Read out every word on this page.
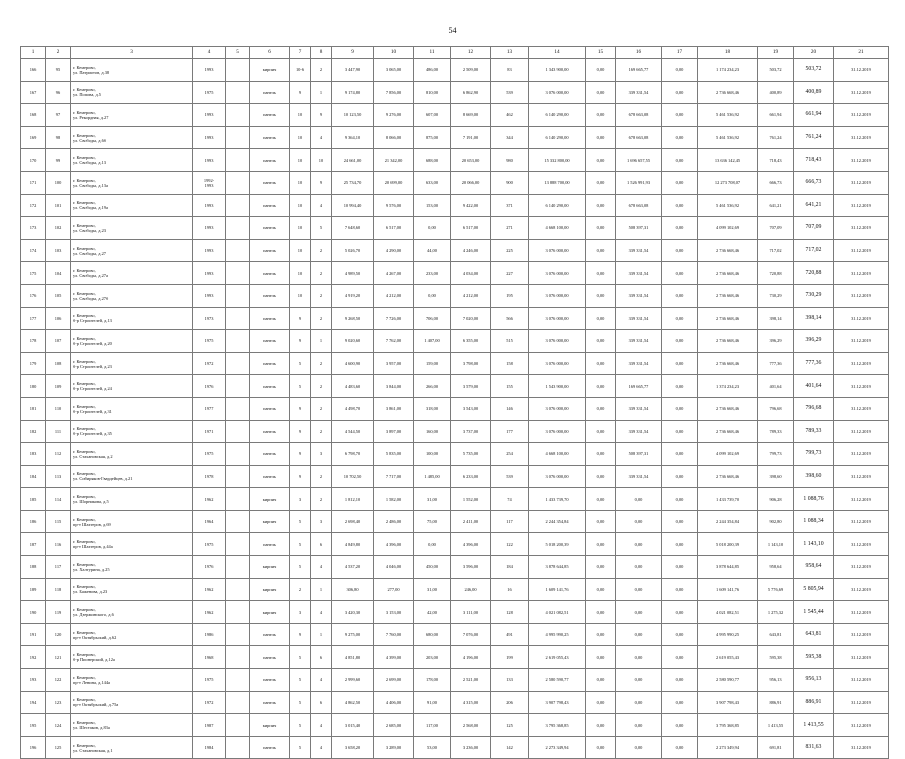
54
1	2	3	4	5	6	7	8	9	10	11	12	13	14	15	16	17	18	19	20	21
166	95	г. Кемерово,
ул. Патриотов, д.38	1993		кирпич	10-6	2	3 447,90	3 065,00	486,00	2 509,00	83	1 343 900,00	0,00	169 665,77	0,00	1 174 234,23	503,72	503,72	31.12.2019
167	96	г. Кемерово,
ул. Попова, д.5	1975		панель	9	1	9 174,80	7 856,00	810,00	6 862,90	539	3 076 000,00	0,00	339 331,54	0,00	2 736 668,46	400,89	400,89	31.12.2019
168	97	г. Кемерово,
ул. Рекордная, д.27	1993		панель	10	9	10 123,50	9 276,00	607,00	8 669,00	462	6 140 290,00	0,00	678 663,08	0,00	5 461 536,92	661,94	661,94	31.12.2019
169	98	г. Кемерово,
ул. Свободы, д.6б	1993		панель	10	4	9 364,10	8 066,00	875,00	7 191,00	344	6 140 290,00	0,00	678 663,08	0,00	5 461 536,92	761,24	761,24	31.12.2019
170	99	г. Кемерово,
ул. Свободы, д.13	1993		панель	10	10	24 661,00	21 342,00	688,00	20 653,00	980	15 332 800,00	0,00	1 696 657,55	0,00	13 636 142,45	718,43	718,43	31.12.2019
171	100	г. Кемерово,
ул. Свободы, д.13а	1992-
1993		панель	10	9	25 734,70	20 699,00	633,00	20 066,00	900	13 888 700,00	0,00	1 526 991,93	0,00	12 273 708,07	666,73	666,73	31.12.2019
172	101	г. Кемерово,
ул. Свободы, д.19а	1993		панель	10	4	10 994,40	9 576,00	153,00	9 422,00	371	6 140 290,00	0,00	678 663,08	0,00	5 461 536,92	641,21	641,21	31.12.2019
173	102	г. Кемерово,
ул. Свободы, д.23	1993		панель	10	5	7 648,60	6 517,00	0,00	6 517,00	271	4 668 100,00	0,00	508 397,31	0,00	4 099 102,69	707,09	707,09	31.12.2019
174	103	г. Кемерово,
ул. Свободы, д.27	1993		панель	10	2	5 026,70	4 290,00	44,00	4 246,00	225	3 076 000,00	0,00	339 331,54	0,00	2 736 668,46	717,02	717,02	31.12.2019
175	104	г. Кемерово,
ул. Свободы, д.27а	1993		панель	10	2	4 989,50	4 267,00	233,00	4 034,00	227	3 076 000,00	0,00	339 331,54	0,00	2 736 668,46	720,88	720,88	31.12.2019
176	105	г. Кемерово,
ул. Свободы, д.27б	1993		панель	10	2	4 919,20	4 212,00	0,00	4 212,00	195	3 076 000,00	0,00	339 331,54	0,00	2 736 668,46	730,29	730,29	31.12.2019
177	106	г. Кемерово,
б-р Строителей, д.13	1973		панель	9	2	9 268,50	7 726,00	706,00	7 020,00	566	3 076 000,00	0,00	339 331,54	0,00	2 736 668,46	398,14	398,14	31.12.2019
178	107	г. Кемерово,
б-р Строителей, д.20	1975		панель	9	1	9 020,60	7 762,00	1 407,00	6 355,00	515	3 076 000,00	0,00	339 331,54	0,00	2 736 668,46	396,29	396,29	31.12.2019
179	108	г. Кемерово,
б-р Строителей, д.23	1972		панель	5	2	4 600,90	3 957,00	159,00	3 798,00	158	3 076 000,00	0,00	339 331,54	0,00	2 736 668,46	777,36	777,36	31.12.2019
180	109	г. Кемерово,
б-р Строителей, д.24	1976		панель	5	2	4 483,60	3 844,00	266,00	3 579,00	155	1 543 900,00	0,00	169 665,77	0,00	1 374 234,23	401,64	401,64	31.12.2019
181	110	г. Кемерово,
б-р Строителей, д.31	1977		панель	9	2	4 498,70	3 861,00	318,00	3 543,00	146	3 076 000,00	0,00	339 331,54	0,00	2 736 668,46	796,68	796,68	31.12.2019
182	111	г. Кемерово,
б-р Строителей, д.35	1971		панель	9	2	4 544,50	3 897,00	160,00	3 737,00	177	3 076 000,00	0,00	339 331,54	0,00	2 736 668,46	789,33	789,33	31.12.2019
183	112	г. Кемерово,
ул. Стахановская, д.2	1975		панель	9	3	6 798,70	5 835,00	100,00	5 735,00	254	4 668 100,00	0,00	508 397,31	0,00	4 099 102,69	799,73	799,73	31.12.2019
184	113	г. Кемерово,
ул. Сибиряков-Гвардейцев, д.21	1978		панель	9	2	10 702,50	7 717,00	1 485,00	6 233,00	539	3 076 000,00	0,00	339 331,54	0,00	2 736 668,46	398,60	398,60	31.12.2019
185	114	г. Кемерово,
ул. Шорникова, д.5	1962		кирпич	3	2	1 812,10	1 582,00	31,00	1 552,00	74	1 433 739,70	0,00	0,00	0,00	1 433 739,70	906,28	1 088,76	31.12.2019
186	115	г. Кемерово,
пр-т Шахтеров, д.69	1964		кирпич	5	3	2 698,40	2 486,00	75,00	2 411,00	117	2 244 354,84	0,00	0,00	0,00	2 244 354,84	902,80	1 088,34	31.12.2019
187	116	г. Кемерово,
пр-т Шахтеров, д.44а	1975		панель	5	6	4 849,80	4 396,00	0,00	4 396,00	122	5 018 200,39	0,00	0,00	0,00	5 018 200,39	1 143,10	1 143,10	31.12.2019
188	117	г. Кемерово,
ул. Халтурина, д.25	1976		кирпич	5	4	4 537,20	4 046,00	450,00	3 596,00	184	3 878 644,85	0,00	0,00	0,00	3 878 644,85	958,64	958,64	31.12.2019
189	118	г. Кемерово,
ул. Баженова, д.23	1962		кирпич	2	1	306,80	277,00	31,00	246,00	16	1 609 141,76	0,00	0,00	0,00	1 609 141,76	5 776,69	5 805,94	31.12.2019
190	119	г. Кемерово,
ул. Дзержинского, д.6	1962		кирпич	3	4	3 420,30	3 153,00	42,00	3 111,00	128	4 021 082,51	0,00	0,00	0,00	4 021 082,51	1 275,32	1 545,44	31.12.2019
191	120	г. Кемерово,
пр-т Октябрьский, д.62	1986		панель	9	1	9 275,00	7 760,00	680,00	7 076,00	491	4 995 990,25	0,00	0,00	0,00	4 995 990,25	643,81	643,81	31.12.2019
192	121	г. Кемерово,
б-р Пионерский, д.12а	1968		панель	5	6	4 851,80	4 399,00	203,00	4 196,00	199	2 619 055,43	0,00	0,00	0,00	2 619 055,43	595,38	595,38	31.12.2019
193	122	г. Кемерово,
пр-т Ленина, д.144а	1975		панель	5	4	2 999,60	2 699,00	178,00	2 521,00	133	2 580 590,77	0,00	0,00	0,00	2 580 590,77	956,13	956,13	31.12.2019
194	123	г. Кемерово,
пр-т Октябрьский, д.75а	1972		панель	5	6	4 862,50	4 406,00	91,00	4 315,00	206	3 907 798,43	0,00	0,00	0,00	3 907 798,43	886,91	886,91	31.12.2019
195	124	г. Кемерово,
ул. Шестаков, д.83а	1987		кирпич	5	4	3 015,40	2 685,00	117,00	2 568,00	125	3 795 368,85	0,00	0,00	0,00	3 795 368,85	1 413,55	1 413,55	31.12.2019
196	125	г. Кемерово,
ул. Стахановская, д.1	1984		панель	5	4	3 658,20	3 289,00	53,00	3 236,00	142	2 273 349,94	0,00	0,00	0,00	2 273 349,94	691,81	831,63	31.12.2019
